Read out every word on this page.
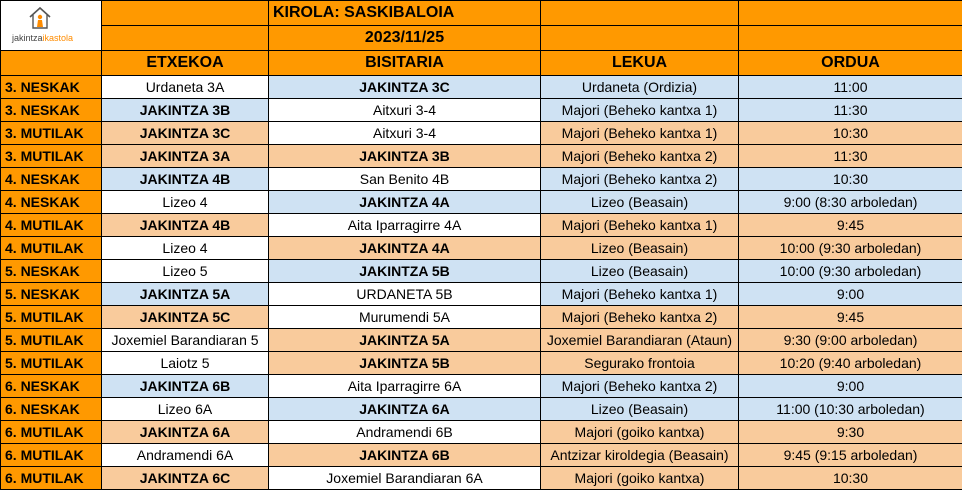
jakintzaikastola		KIROLA: SASKIBALOIA		
		2023/11/25		
	ETXEKOA	BISITARIA	LEKUA	ORDUA
3. NESKAK	Urdaneta 3A	JAKINTZA 3C	Urdaneta (Ordizia)	11:00
3. NESKAK	JAKINTZA 3B	Aitxuri 3-4	Majori (Beheko kantxa 1)	11:30
3. MUTILAK	JAKINTZA 3C	Aitxuri 3-4	Majori (Beheko kantxa 1)	10:30
3. MUTILAK	JAKINTZA 3A	JAKINTZA 3B	Majori (Beheko kantxa 2)	11:30
4. NESKAK	JAKINTZA 4B	San Benito 4B	Majori (Beheko kantxa 2)	10:30
4. NESKAK	Lizeo 4	JAKINTZA 4A	Lizeo (Beasain)	9:00 (8:30 arboledan)
4. MUTILAK	JAKINTZA 4B	Aita Iparragirre 4A	Majori (Beheko kantxa 1)	9:45
4. MUTILAK	Lizeo 4	JAKINTZA 4A	Lizeo (Beasain)	10:00 (9:30 arboledan)
5. NESKAK	Lizeo 5	JAKINTZA 5B	Lizeo (Beasain)	10:00 (9:30 arboledan)
5. NESKAK	JAKINTZA 5A	URDANETA 5B	Majori (Beheko kantxa 1)	9:00
5. MUTILAK	JAKINTZA 5C	Murumendi 5A	Majori (Beheko kantxa 2)	9:45
5. MUTILAK	Joxemiel Barandiaran 5	JAKINTZA 5A	Joxemiel Barandiaran (Ataun)	9:30 (9:00 arboledan)
5. MUTILAK	Laiotz 5	JAKINTZA 5B	Segurako frontoia	10:20 (9:40 arboledan)
6. NESKAK	JAKINTZA 6B	Aita Iparragirre 6A	Majori (Beheko kantxa 2)	9:00
6. NESKAK	Lizeo 6A	JAKINTZA 6A	Lizeo (Beasain)	11:00 (10:30 arboledan)
6. MUTILAK	JAKINTZA 6A	Andramendi 6B	Majori (goiko kantxa)	9:30
6. MUTILAK	Andramendi 6A	JAKINTZA 6B	Antzizar kiroldegia (Beasain)	9:45 (9:15 arboledan)
6. MUTILAK	JAKINTZA 6C	Joxemiel Barandiaran 6A	Majori (goiko kantxa)	10:30
